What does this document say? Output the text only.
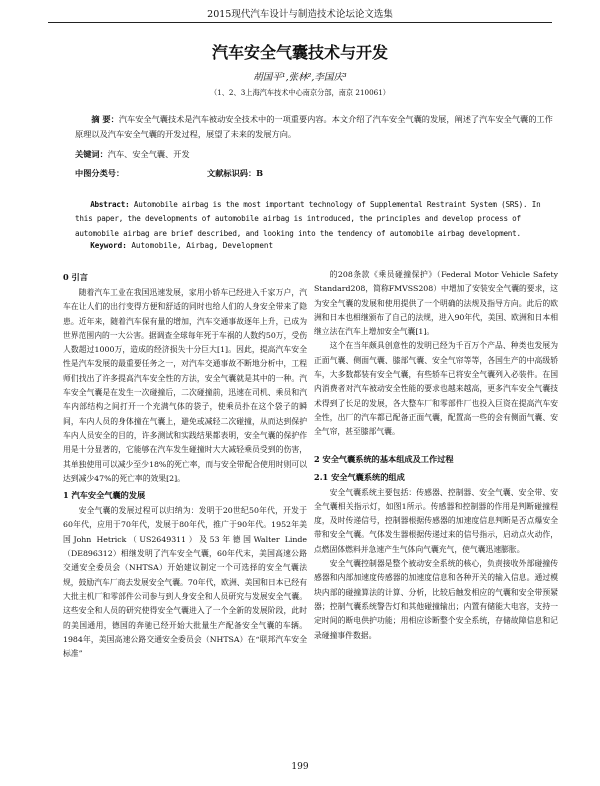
2015现代汽车设计与制造技术论坛论文选集
汽车安全气囊技术与开发
胡国平¹,张林²,李国庆³
（1、2、3上海汽车技术中心南京分部，南京 210061）

摘 要：汽车安全气囊技术是汽车被动安全技术中的一项重要内容。本文介绍了汽车安全气囊的发展，阐述了汽车安全气囊的工作原理以及汽车安全气囊的开发过程，展望了未来的发展方向。

关键词：汽车、安全气囊、开发
中图分类号：	文献标识码：B

Abstract: Automobile airbag is the most important technology of Supplemental Restraint System (SRS). In this paper, the developments of automobile airbag is introduced, the principles and develop process of automobile airbag are brief described, and looking into the tendency of automobile airbag development.

Keyword: Automobile, Airbag, Development
0 引言

随着汽车工业在我国迅速发展，家用小轿车已经进入千家万户，汽车在让人们的出行变得方便和舒适的同时也给人们的人身安全带来了隐患。近年来，随着汽车保有量的增加，汽车交通事故逐年上升，已成为世界范围内的一大公害。据调查全球每年死于车祸的人数约50万，受伤人数超过1000万，造成的经济损失十分巨大[1]。因此，提高汽车安全性是汽车发展的最重要任务之一，对汽车交通事故不断地分析中，工程师们找出了许多提高汽车安全性的方法，安全气囊就是其中的一种。汽车安全气囊是在发生一次碰撞后，二次碰撞前，迅速在司机、乘员和汽车内部结构之间打开一个充满气体的袋子，使乘员扑在这个袋子的瞬间，车内人员的身体撞在气囊上，避免或减轻二次碰撞，从而达到保护车内人员安全的目的，许多测试和实践结果都表明，安全气囊的保护作用是十分显著的，它能够在汽车发生碰撞时大大减轻乘员受到的伤害，其单独使用可以减少至少18%的死亡率，而与安全带配合使用时则可以达到减少47%的死亡率的效果[2]。

1 汽车安全气囊的发展

安全气囊的发展过程可以归纳为：发明于20世纪50年代，开发于60年代，应用于70年代，发展于80年代，推广于90年代。1952年美国John Hetrick（US2649311）及53年德国Walter Linde（DE896312）相继发明了汽车安全气囊，60年代末，美国高速公路交通安全委员会（NHTSA）开始建议制定一个可选择的安全气囊法规，鼓励汽车厂商去发展安全气囊。70年代，欧洲、美国和日本已经有大批主机厂和零部件公司参与到人身安全和人员研究与发展安全气囊。这些安全和人员的研究使得安全气囊进入了一个全新的发展阶段，此时的美国通用，德国的奔驰已经开始大批量生产配备安全气囊的车辆。1984年，美国高速公路交通安全委员会（NHTSA）在“联邦汽车安全标准”

的208条款《乘员碰撞保护》（Federal Motor Vehicle Safety Standard208，简称FMVSS208）中增加了安装安全气囊的要求，这为安全气囊的发展和使用提供了一个明确的法规及指导方向。此后的欧洲和日本也相继颁布了自己的法规，进入90年代，美国、欧洲和日本相继立法在汽车上增加安全气囊[1]。

这个在当年颇具创意性的发明已经为千百万个产品、种类也发展为正面气囊、侧面气囊、膝部气囊、安全气帘等等，各国生产的中高级轿车，大多数都装有安全气囊，有些轿车已将安全气囊列入必装件。在国内消费者对汽车被动安全性能的要求也越来越高，更多汽车安全气囊技术得到了长足的发展，各大整车厂和零部件厂也投入巨资在提高汽车安全性，出厂的汽车都已配备正面气囊，配置高一些的会有侧面气囊、安全气帘，甚至膝部气囊。

2 安全气囊系统的基本组成及工作过程
2.1 安全气囊系统的组成

安全气囊系统主要包括：传感器、控制器、安全气囊、安全带、安全气囊相关指示灯，如图1所示。传感器和控制器的作用是判断碰撞程度，及时传递信号，控制器根据传感器的加速度信息判断是否点爆安全带和安全气囊。气体发生器根据传递过来的信号指示，启动点火动作，点燃固体燃料并急速产生气体向气囊充气，使气囊迅速膨胀。

安全气囊控制器是整个被动安全系统的核心，负责接收外部碰撞传感器和内部加速度传感器的加速度信息和各种开关的输入信息。通过模块内部的碰撞算法的计算、分析，比较后触发相应的气囊和安全带预紧器；控制气囊系统警告灯和其他碰撞输出；内置有储能大电容，支持一定时间的断电供护功能；用相应诊断整个安全系统，存储故障信息和记录碰撞事件数据。

199
